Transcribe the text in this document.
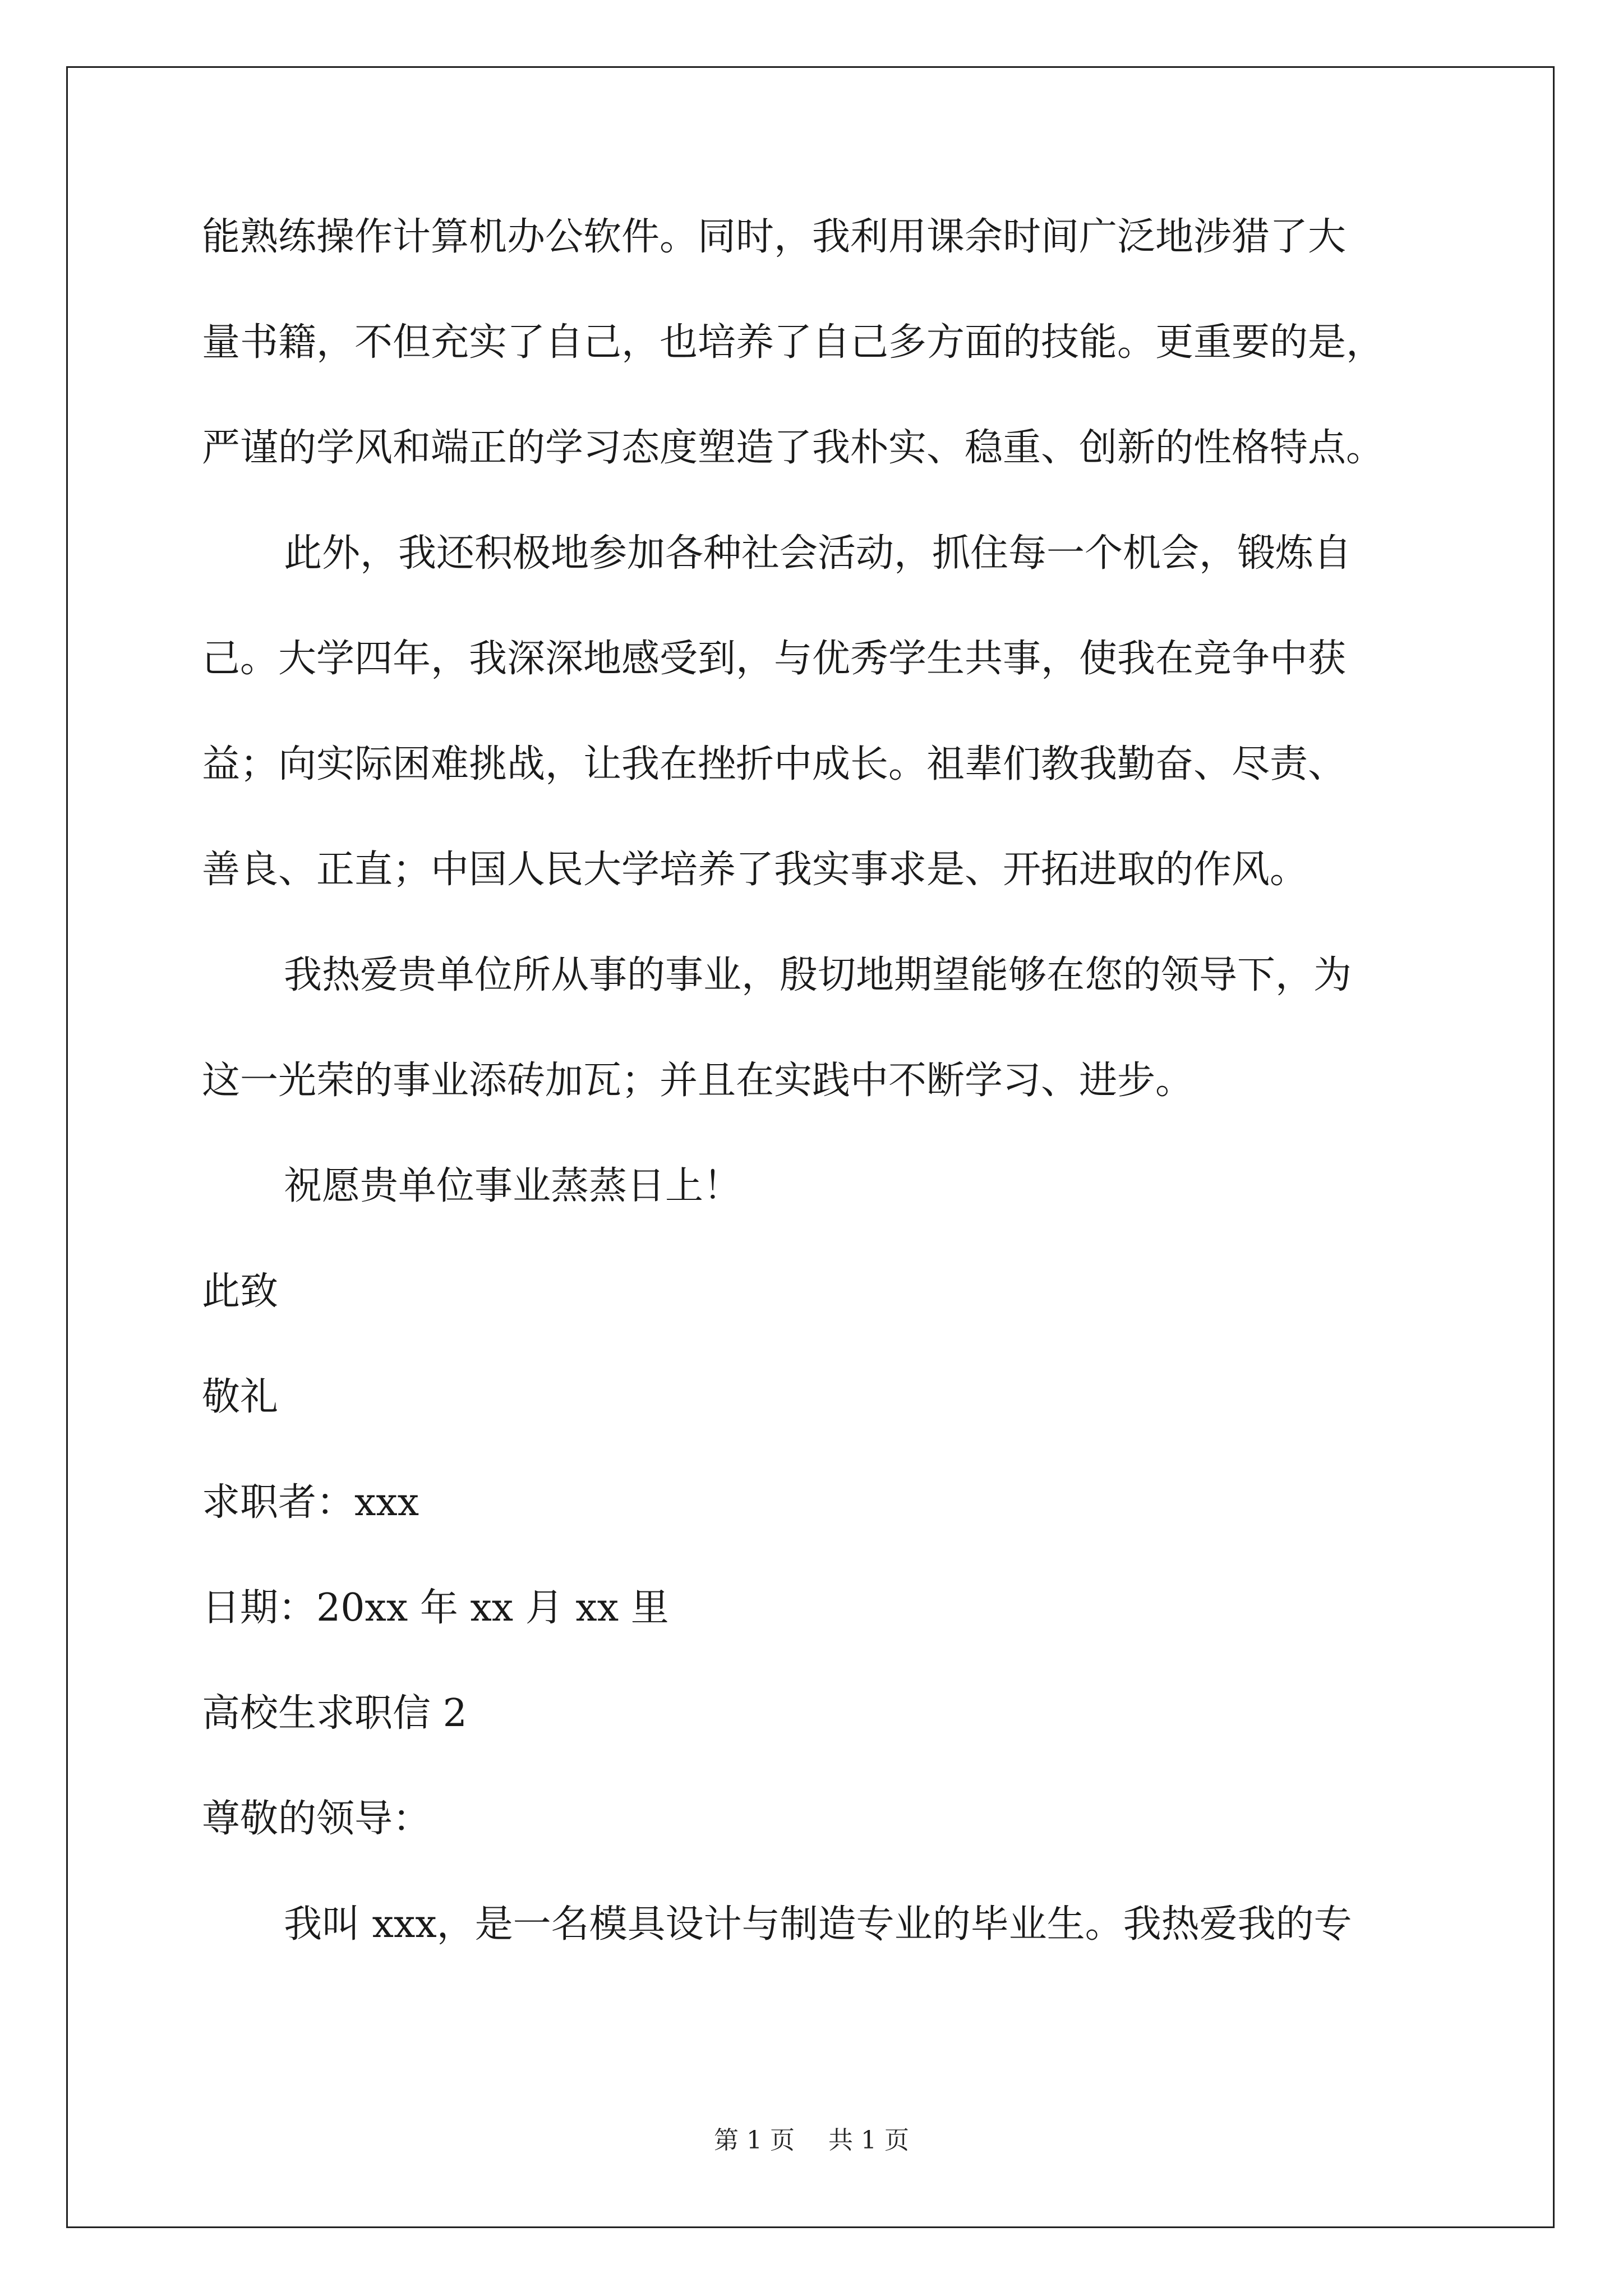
能熟练操作计算机办公软件。同时，我利用课余时间广泛地涉猎了大
量书籍，不但充实了自己，也培养了自己多方面的技能。更重要的是，
严谨的学风和端正的学习态度塑造了我朴实、稳重、创新的性格特点。
此外，我还积极地参加各种社会活动，抓住每一个机会，锻炼自
己。大学四年，我深深地感受到，与优秀学生共事，使我在竞争中获
益；向实际困难挑战，让我在挫折中成长。祖辈们教我勤奋、尽责、
善良、正直；中国人民大学培养了我实事求是、开拓进取的作风。
我热爱贵单位所从事的事业，殷切地期望能够在您的领导下，为
这一光荣的事业添砖加瓦；并且在实践中不断学习、进步。
祝愿贵单位事业蒸蒸日上！
此致
敬礼
求职者：xxx
日期：20xx 年 xx 月 xx 里
高校生求职信 2
尊敬的领导：
我叫 xxx，是一名模具设计与制造专业的毕业生。我热爱我的专
第 1 页 共 1 页
